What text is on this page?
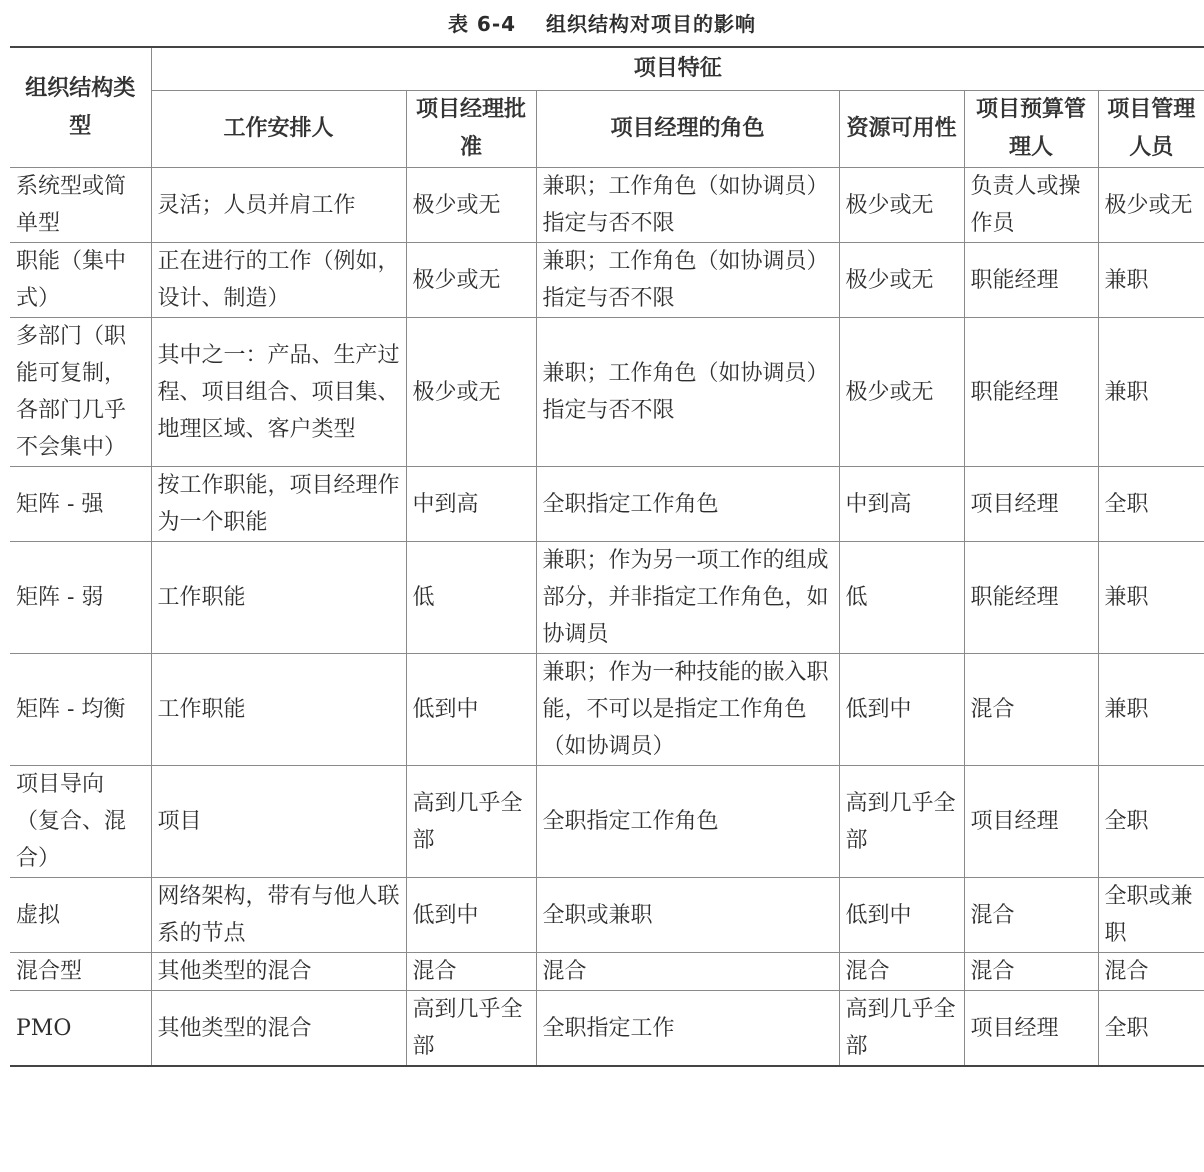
表 6-4 组织结构对项目的影响
组织结构类型	项目特征					
	工作安排人	项目经理批准	项目经理的角色	资源可用性	项目预算管理人	项目管理人员
系统型或简单型	灵活；人员并肩工作	极少或无	兼职；工作角色（如协调员）指定与否不限	极少或无	负责人或操作员	极少或无
职能（集中式）	正在进行的工作（例如，设计、制造）	极少或无	兼职；工作角色（如协调员）指定与否不限	极少或无	职能经理	兼职
多部门（职能可复制，各部门几乎不会集中）	其中之一：产品、生产过程、项目组合、项目集、地理区域、客户类型	极少或无	兼职；工作角色（如协调员）指定与否不限	极少或无	职能经理	兼职
矩阵 - 强	按工作职能，项目经理作为一个职能	中到高	全职指定工作角色	中到高	项目经理	全职
矩阵 - 弱	工作职能	低	兼职；作为另一项工作的组成部分，并非指定工作角色，如协调员	低	职能经理	兼职
矩阵 - 均衡	工作职能	低到中	兼职；作为一种技能的嵌入职能，不可以是指定工作角色（如协调员）	低到中	混合	兼职
项目导向（复合、混合）	项目	高到几乎全部	全职指定工作角色	高到几乎全部	项目经理	全职
虚拟	网络架构，带有与他人联系的节点	低到中	全职或兼职	低到中	混合	全职或兼职
混合型	其他类型的混合	混合	混合	混合	混合	混合
PMO	其他类型的混合	高到几乎全部	全职指定工作	高到几乎全部	项目经理	全职
